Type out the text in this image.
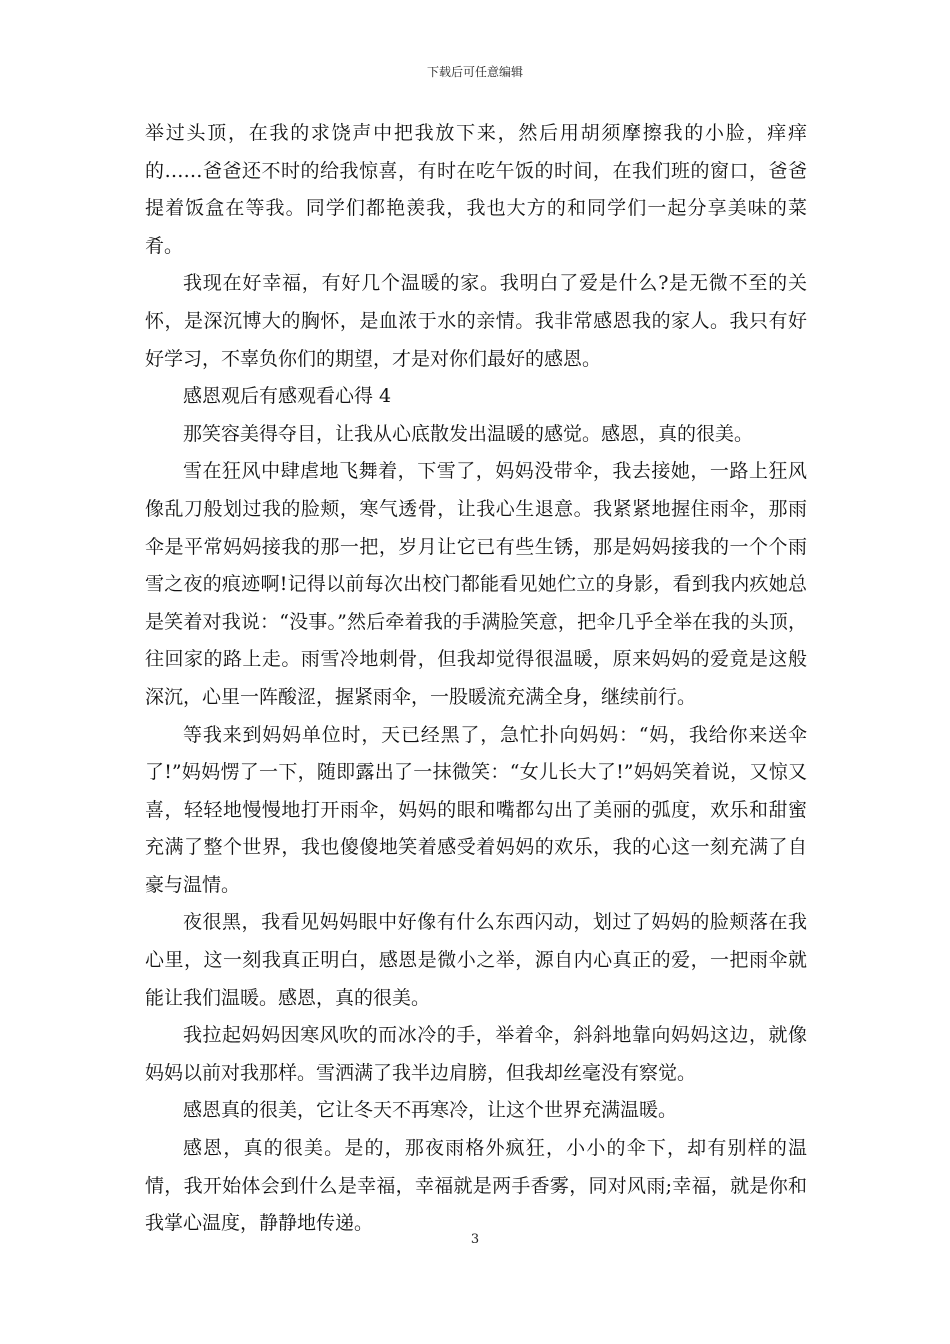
下载后可任意编辑

举过头顶，在我的求饶声中把我放下来，然后用胡须摩擦我的小脸，痒痒的……爸爸还不时的给我惊喜，有时在吃午饭的时间，在我们班的窗口，爸爸提着饭盒在等我。同学们都艳羡我，我也大方的和同学们一起分享美味的菜肴。

我现在好幸福，有好几个温暖的家。我明白了爱是什么?是无微不至的关怀，是深沉博大的胸怀，是血浓于水的亲情。我非常感恩我的家人。我只有好好学习，不辜负你们的期望，才是对你们最好的感恩。

感恩观后有感观看心得 4

那笑容美得夺目，让我从心底散发出温暖的感觉。感恩，真的很美。

雪在狂风中肆虐地飞舞着，下雪了，妈妈没带伞，我去接她，一路上狂风像乱刀般划过我的脸颊，寒气透骨，让我心生退意。我紧紧地握住雨伞，那雨伞是平常妈妈接我的那一把，岁月让它已有些生锈，那是妈妈接我的一个个雨雪之夜的痕迹啊!记得以前每次出校门都能看见她伫立的身影，看到我内疚她总是笑着对我说：“没事。”然后牵着我的手满脸笑意，把伞几乎全举在我的头顶，往回家的路上走。雨雪冷地刺骨，但我却觉得很温暖，原来妈妈的爱竟是这般深沉，心里一阵酸涩，握紧雨伞，一股暖流充满全身，继续前行。

等我来到妈妈单位时，天已经黑了，急忙扑向妈妈：“妈，我给你来送伞了!”妈妈愣了一下，随即露出了一抹微笑：“女儿长大了!”妈妈笑着说，又惊又喜，轻轻地慢慢地打开雨伞，妈妈的眼和嘴都勾出了美丽的弧度，欢乐和甜蜜充满了整个世界，我也傻傻地笑着感受着妈妈的欢乐，我的心这一刻充满了自豪与温情。

夜很黑，我看见妈妈眼中好像有什么东西闪动，划过了妈妈的脸颊落在我心里，这一刻我真正明白，感恩是微小之举，源自内心真正的爱，一把雨伞就能让我们温暖。感恩，真的很美。

我拉起妈妈因寒风吹的而冰冷的手，举着伞，斜斜地靠向妈妈这边，就像妈妈以前对我那样。雪洒满了我半边肩膀，但我却丝毫没有察觉。

感恩真的很美，它让冬天不再寒冷，让这个世界充满温暖。

感恩，真的很美。是的，那夜雨格外疯狂，小小的伞下，却有别样的温情，我开始体会到什么是幸福，幸福就是两手香雾，同对风雨;幸福，就是你和我掌心温度，静静地传递。

3
